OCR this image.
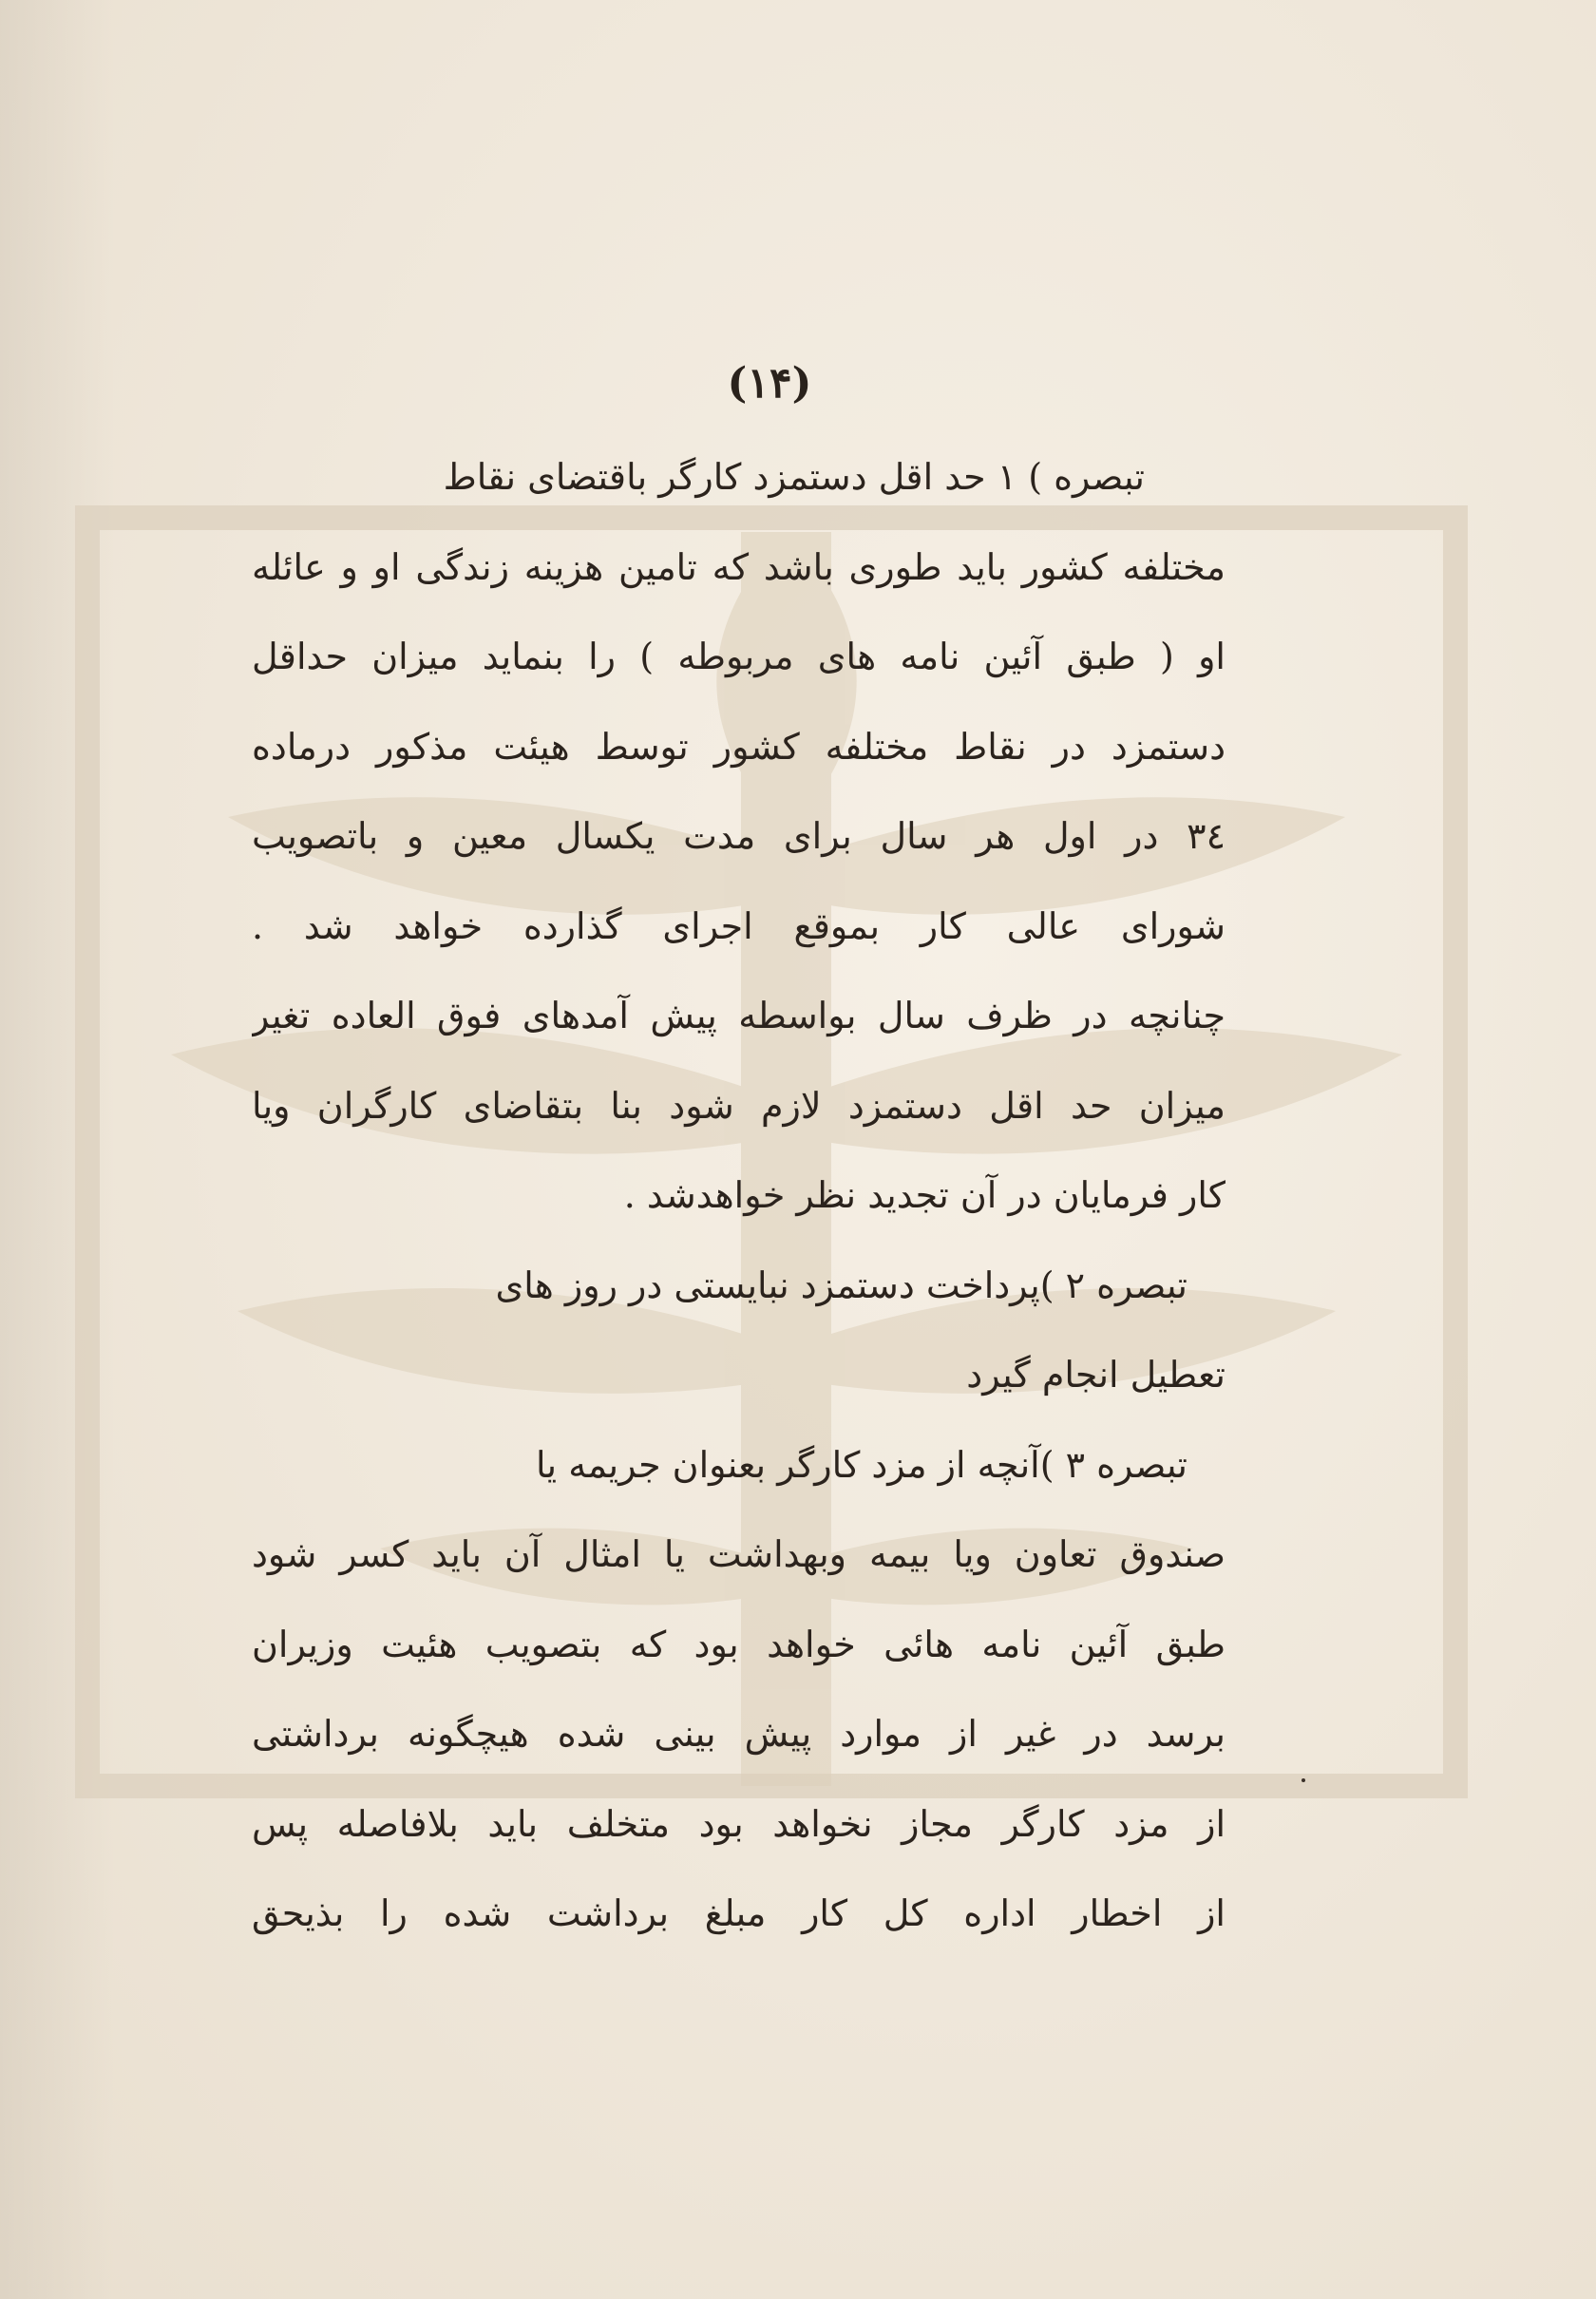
(۱۴)
تبصره ) ۱ حد اقل دستمزد کارگر باقتضای نقاط
مختلفه کشور باید طوری باشد که تامین هزینه زندگی او و عائله
او ( طبق آئین نامه های مربوطه ) را بنماید میزان حداقل
دستمزد در نقاط مختلفه کشور توسط هیئت مذکور درماده
۳٤ در اول هر سال برای مدت یکسال معین و باتصویب
شورای عالی کار بموقع اجرای گذارده خواهد شد .
چنانچه در ظرف سال بواسطه پیش آمدهای فوق العاده تغیر
میزان حد اقل دستمزد لازم شود بنا بتقاضای کارگران ویا
کار فرمایان در آن تجدید نظر خواهدشد .
تبصره ۲ )پرداخت دستمزد نبایستی در روز های
تعطیل انجام گیرد
تبصره ۳ )آنچه از مزد کارگر بعنوان جریمه یا
صندوق تعاون ویا بیمه وبهداشت یا امثال آن باید کسر شود
طبق آئین نامه هائی خواهد بود که بتصویب هئیت وزیران
برسد در غیر از موارد پیش بینی شده هیچگونه برداشتی
از مزد کارگر مجاز نخواهد بود متخلف باید بلافاصله پس
از اخطار اداره کل کار مبلغ برداشت شده را بذیحق
